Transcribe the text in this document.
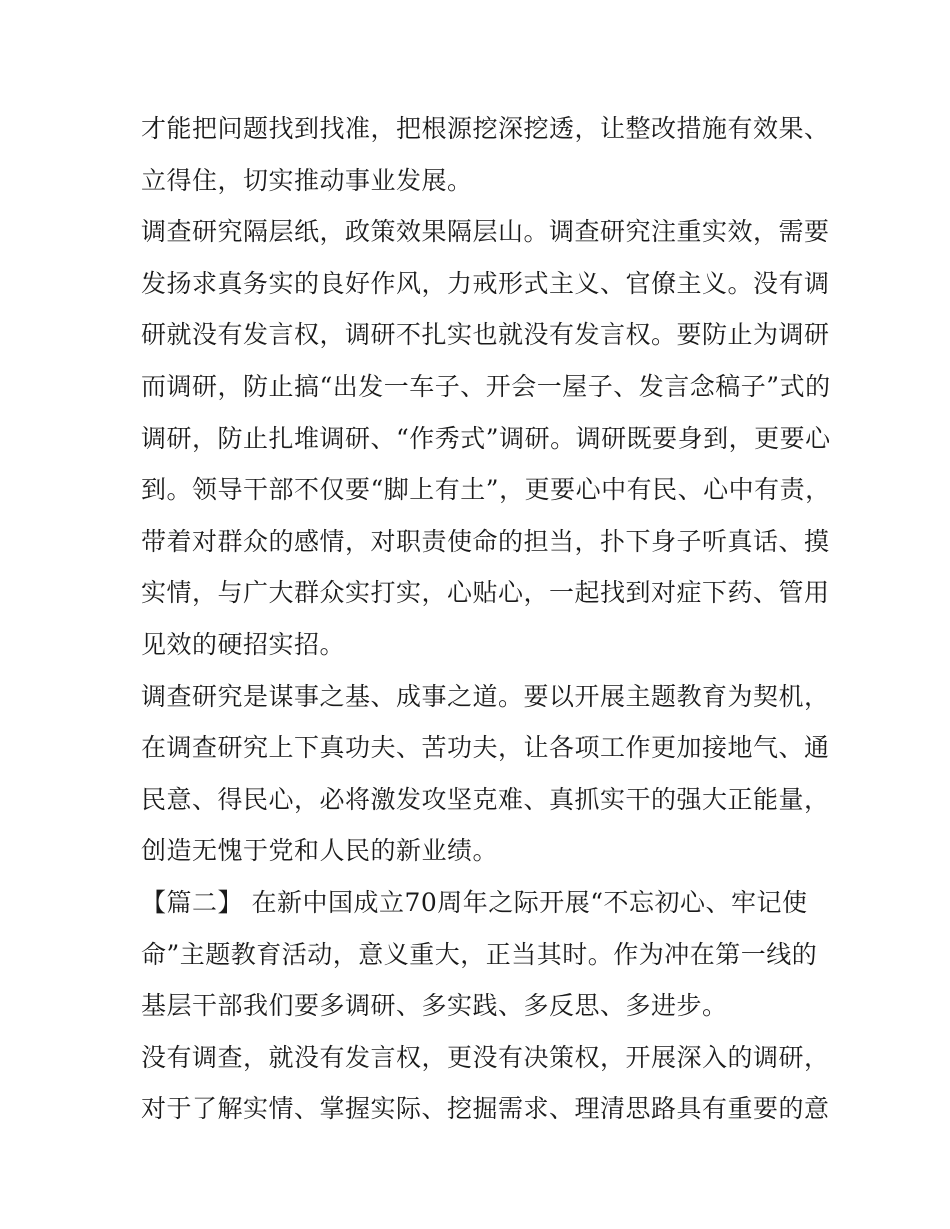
才能把问题找到找准，把根源挖深挖透，让整改措施有效果、
立得住，切实推动事业发展。
调查研究隔层纸，政策效果隔层山。调查研究注重实效，需要
发扬求真务实的良好作风，力戒形式主义、官僚主义。没有调
研就没有发言权，调研不扎实也就没有发言权。要防止为调研
而调研，防止搞“出发一车子、开会一屋子、发言念稿子”式的
调研，防止扎堆调研、“作秀式”调研。调研既要身到，更要心
到。领导干部不仅要“脚上有土”，更要心中有民、心中有责，
带着对群众的感情，对职责使命的担当，扑下身子听真话、摸
实情，与广大群众实打实，心贴心，一起找到对症下药、管用
见效的硬招实招。
调查研究是谋事之基、成事之道。要以开展主题教育为契机，
在调查研究上下真功夫、苦功夫，让各项工作更加接地气、通
民意、得民心，必将激发攻坚克难、真抓实干的强大正能量，
创造无愧于党和人民的新业绩。
【篇二】 在新中国成立70周年之际开展“不忘初心、牢记使
命”主题教育活动，意义重大，正当其时。作为冲在第一线的
基层干部我们要多调研、多实践、多反思、多进步。
没有调查，就没有发言权，更没有决策权，开展深入的调研，
对于了解实情、掌握实际、挖掘需求、理清思路具有重要的意
